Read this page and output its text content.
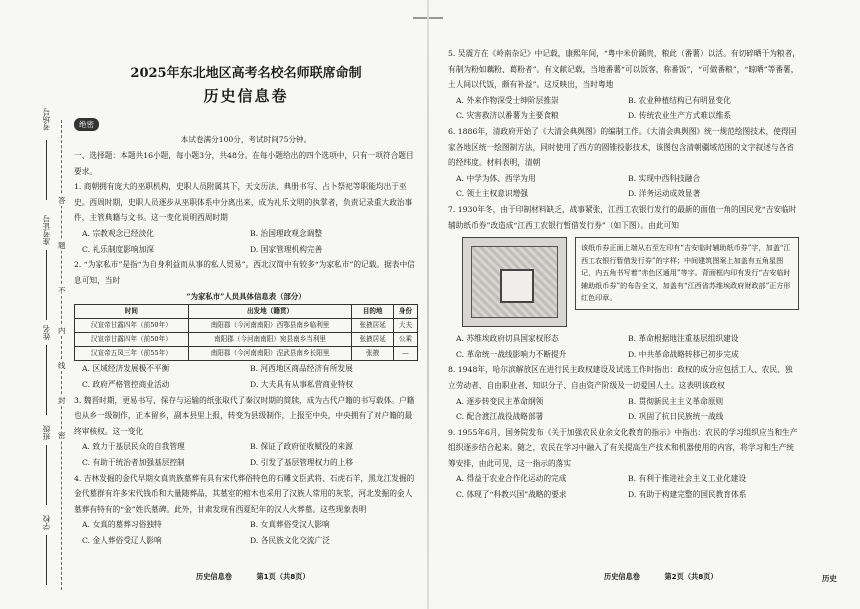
考场号
准考证号
姓名
班级
学校
答
题
不
内
线
封
密
2025年东北地区高考名校名师联席命制
历史信息卷
绝密
本试卷满分100分，考试时间75分钟。

一、选择题：本题共16小题，每小题3分，共48分。在每小题给出的四个选项中，只有一项符合题目要求。

1. 商朝拥有庞大的巫职机构，史职人员附属其下，天文历法、典册书写、占卜祭祀等职能均出于巫史。西周时期，史职人员逐步从巫职体系中分离出来，成为礼乐文明的执掌者，负责记录重大政治事件，主管典籍与文书。这一变化说明西周时期

A. 宗教观念已经淡化	B. 治国理政观念调整
C. 礼乐制度影响加深	D. 国家管理机构完善

2. “为家私市”是指“为自身利益而从事的私人贸易”。西北汉简中有较多“为家私市”的记载。据表中信息可知，当时

“为家私市”人员具体信息表（部分）
时间	出发地（籍贯）	目的地	身份
汉宣帝甘露四年（前50年）	南阳郡（今河南南阳）西鄂县南乡临利里	张掖居延	大夫
汉宣帝甘露四年（前50年）	南阳郡（今河南南阳）宛县南乡当利里	张掖居延	公乘
汉宣帝五凤三年（前55年）	南阳郡（今河南南阳）涅武县南乡长阳里	张掖	—
A. 区域经济发展极不平衡	B. 河西地区商品经济有所发展
C. 政府严格管控商业活动	D. 大夫具有从事私营商业特权

3. 魏晋时期，更易书写、保存与运输的纸张取代了秦汉时期的简牍，成为古代户籍的书写载体。户籍也从乡一级制作，正本留乡，副本县里上报，转变为县级制作，上报至中央，中央拥有了对户籍的最终审核权。这一变化

A. 致力于基层民众的自我管理	B. 保证了政府征收赋役的来源
C. 有助于统治者加强基层控制	D. 引发了基层管理权力的上移

4. 吉林发掘的金代早期女真贵族墓葬有具有宋代葬俗特色的石雕文臣武将、石虎石羊，黑龙江发掘的金代墓群有许多宋代钱币和大量随葬品，其墓室的棺木也采用了汉族人常用的灰浆，河北发掘的金人墓葬有特有的“金”姓氏墓碑。此外，甘肃发现有西夏纪年的汉人火葬墓。这些现象表明

A. 女真的墓葬习俗独特	B. 女真葬俗受汉人影响
C. 金人葬俗受辽人影响	D. 各民族文化交流广泛

5. 吴震方在《岭南杂记》中记载，康熙年间，“粤中米价踊贵，粮此（番薯）以活。有切碎晒干为粮者，有制为粉如藕粉、葛粉者”。有文献记载，当地番薯“可以饭客，称番饭”，“可做番粮”，“晾晒”等番薯，土人间以代饭，颇有补益”。这反映出，当时粤地

A. 外来作物深受士绅阶层推崇	B. 农业种植结构已有明显变化
C. 灾害救济以番薯为主要食粮	D. 传统农业生产方式难以维系

6. 1886年，清政府开始了《大清会典舆图》的编制工作。《大清会典舆图》统一规范绘图技术，使得国家各地区统一绘图制方法，同时使用了西方的圆锥投影技术，该图包含清朝疆域范围的文字叙述与各省的经纬度。材料表明，清朝

A. 中学为体、西学为用	B. 实现中西科技融合
C. 领土主权意识增强	D. 洋务运动成效显著

7. 1930年冬，由于印制材料缺乏，战事紧张，江西工农银行发行的最新的面值一角的国民党“吉安临时辅助纸币券”改造成“江西工农银行暂借发行券”（如下图）。由此可知

该纸币券正面上端从右至左印有“吉安临时辅助纸币券”字，加盖“江西工农银行暂借发行券”的字样；中间建筑图案上加盖有五角星图记，内五角书写着“赤色区通用”等字。背面框内印有发行“吉安临时辅助纸币券”的布告全文，加盖有“江西省苏维埃政府财政部”正方形红色印章。
A. 苏维埃政府切具国家权形态	B. 革命根据地注重基层组织建设
C. 革命统一战线影响力不断提升	D. 中共革命战略转移已初步完成

8. 1948年，哈尔滨解放区在进行民主政权建设及试选工作时指出：政权的成分应包括工人、农民、独立劳动者、自由职业者、知识分子、自由资产阶级及一切爱国人士。这表明该政权

A. 逐步转变民主革命纲领	B. 贯彻新民主主义革命原则
C. 配合渡江战役战略部署	D. 巩固了抗日民族统一战线

9. 1955年6月，国务院发布《关于加强农民业余文化教育的指示》中指出：农民的学习组织应当和生产组织逐步结合起来。随之，农民在学习中融入了有关提高生产技术和机器使用的内容，将学习和生产统筹安排，由此可见，这一指示的落实

A. 得益于农业合作化运动的完成	B. 有利于推进社会主义工业化建设
C. 体现了“科教兴国”战略的要求	D. 有助于构建完整的国民教育体系
历史信息卷	第1页（共8页）	历史信息卷	第2页（共8页）	历史
